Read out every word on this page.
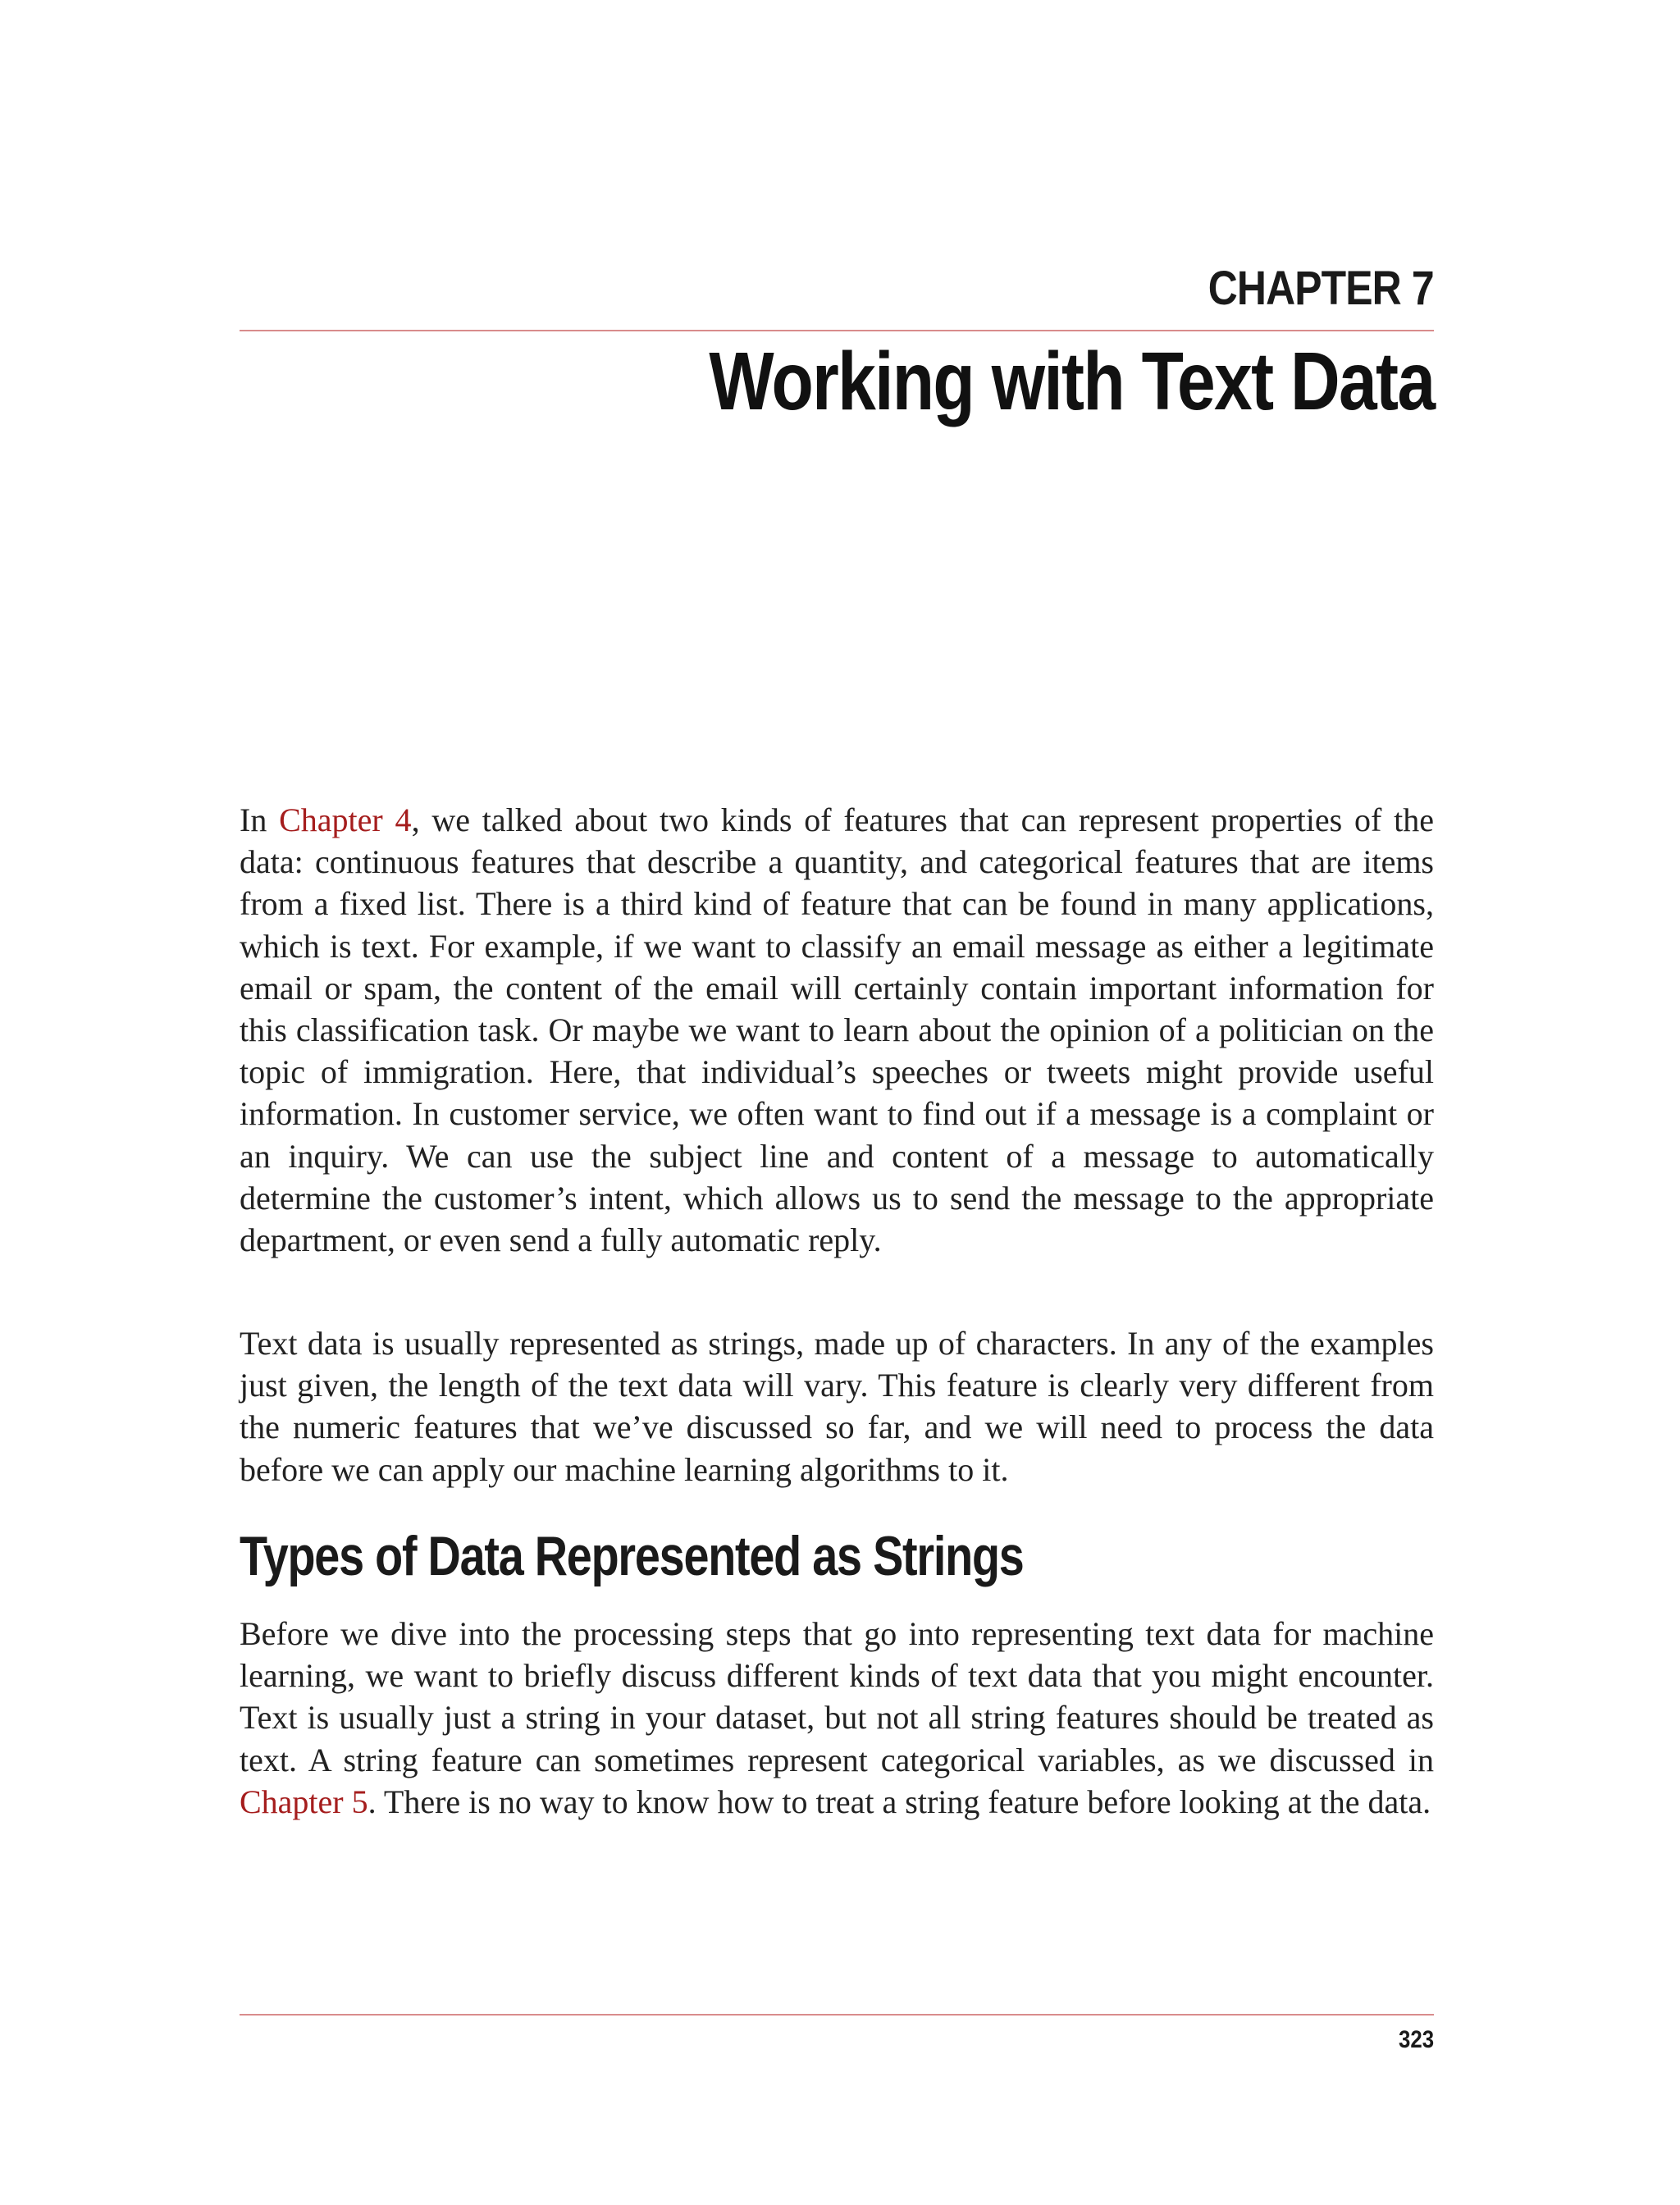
CHAPTER 7
Working with Text Data

In Chapter 4, we talked about two kinds of features that can represent properties of the data: continuous features that describe a quantity, and categorical features that are items from a fixed list. There is a third kind of feature that can be found in many applications, which is text. For example, if we want to classify an email message as either a legitimate email or spam, the content of the email will certainly contain important information for this classification task. Or maybe we want to learn about the opinion of a politician on the topic of immigration. Here, that individual’s speeches or tweets might provide useful information. In customer service, we often want to find out if a message is a complaint or an inquiry. We can use the subject line and content of a message to automatically determine the customer’s intent, which allows us to send the message to the appropriate department, or even send a fully automatic reply.

Text data is usually represented as strings, made up of characters. In any of the examples just given, the length of the text data will vary. This feature is clearly very different from the numeric features that we’ve discussed so far, and we will need to process the data before we can apply our machine learning algorithms to it.

Types of Data Represented as Strings

Before we dive into the processing steps that go into representing text data for machine learning, we want to briefly discuss different kinds of text data that you might encounter. Text is usually just a string in your dataset, but not all string features should be treated as text. A string feature can sometimes represent categorical variables, as we discussed in Chapter 5. There is no way to know how to treat a string feature before looking at the data.

323
